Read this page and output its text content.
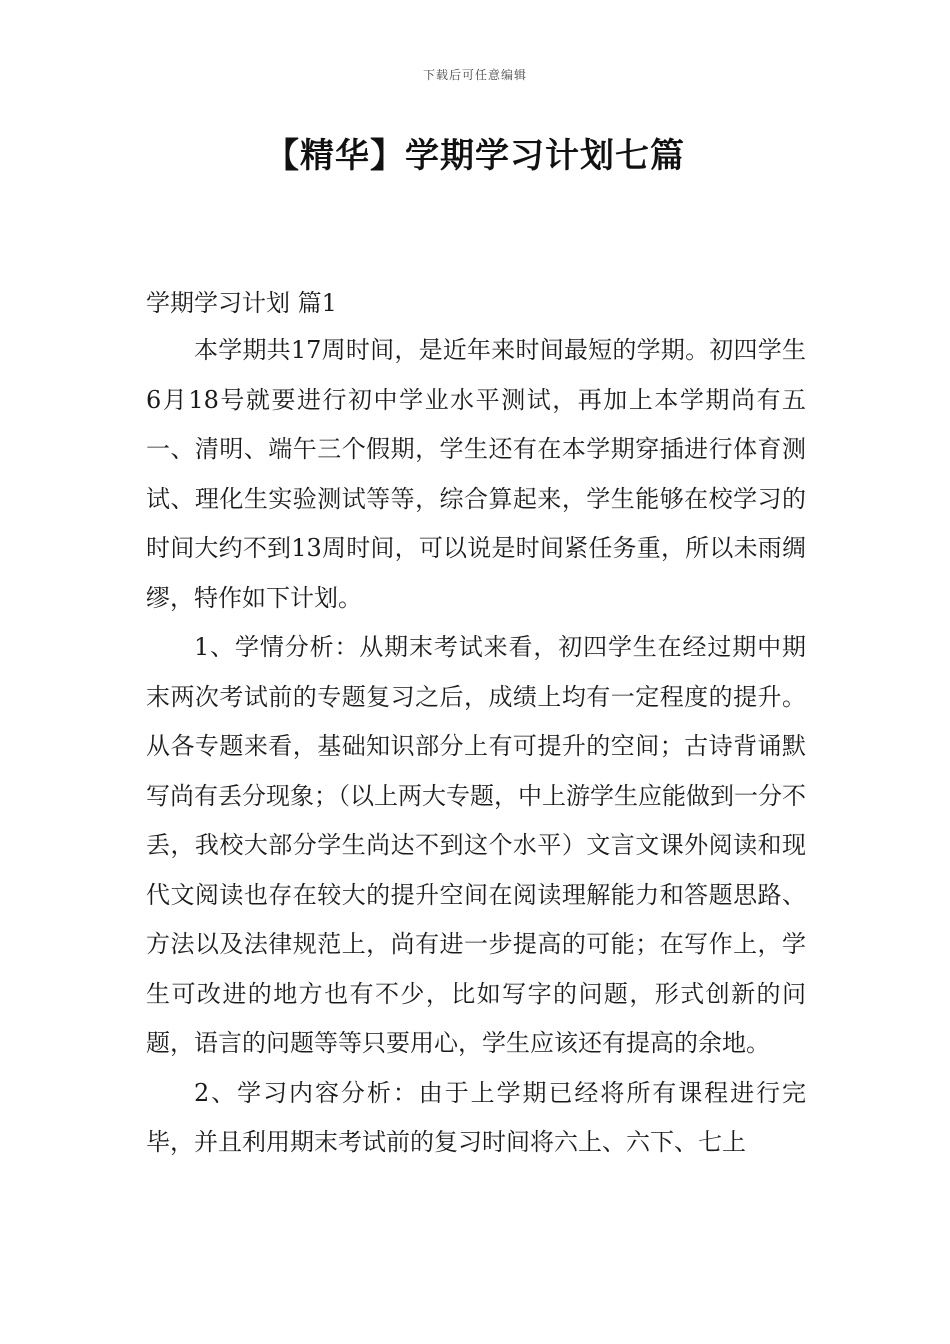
下载后可任意编辑
【精华】学期学习计划七篇
学期学习计划 篇1

本学期共17周时间，是近年来时间最短的学期。初四学生6月18号就要进行初中学业水平测试，再加上本学期尚有五一、清明、端午三个假期，学生还有在本学期穿插进行体育测试、理化生实验测试等等，综合算起来，学生能够在校学习的时间大约不到13周时间，可以说是时间紧任务重，所以未雨绸缪，特作如下计划。

1、学情分析：从期末考试来看，初四学生在经过期中期末两次考试前的专题复习之后，成绩上均有一定程度的提升。从各专题来看，基础知识部分上有可提升的空间；古诗背诵默写尚有丢分现象；（以上两大专题，中上游学生应能做到一分不丢，我校大部分学生尚达不到这个水平）文言文课外阅读和现代文阅读也存在较大的提升空间在阅读理解能力和答题思路、方法以及法律规范上，尚有进一步提高的可能；在写作上，学生可改进的地方也有不少，比如写字的问题，形式创新的问题，语言的问题等等只要用心，学生应该还有提高的余地。

2、学习内容分析：由于上学期已经将所有课程进行完毕，并且利用期末考试前的复习时间将六上、六下、七上
